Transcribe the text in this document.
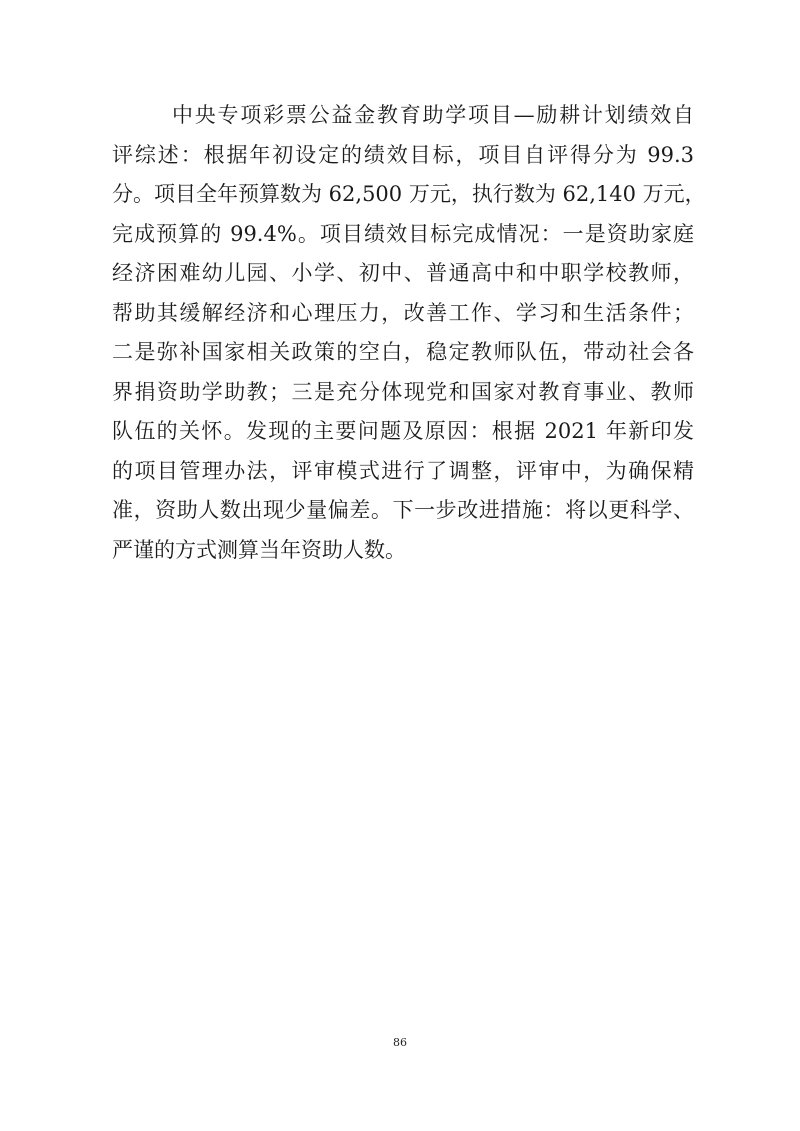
中央专项彩票公益金教育助学项目—励耕计划绩效自
评综述：根据年初设定的绩效目标，项目自评得分为 99.3
分。项目全年预算数为 62,500 万元，执行数为 62,140 万元，
完成预算的 99.4%。项目绩效目标完成情况：一是资助家庭
经济困难幼儿园、小学、初中、普通高中和中职学校教师，
帮助其缓解经济和心理压力，改善工作、学习和生活条件；
二是弥补国家相关政策的空白，稳定教师队伍，带动社会各
界捐资助学助教；三是充分体现党和国家对教育事业、教师
队伍的关怀。发现的主要问题及原因：根据 2021 年新印发
的项目管理办法，评审模式进行了调整，评审中，为确保精
准，资助人数出现少量偏差。下一步改进措施：将以更科学、
严谨的方式测算当年资助人数。

86
